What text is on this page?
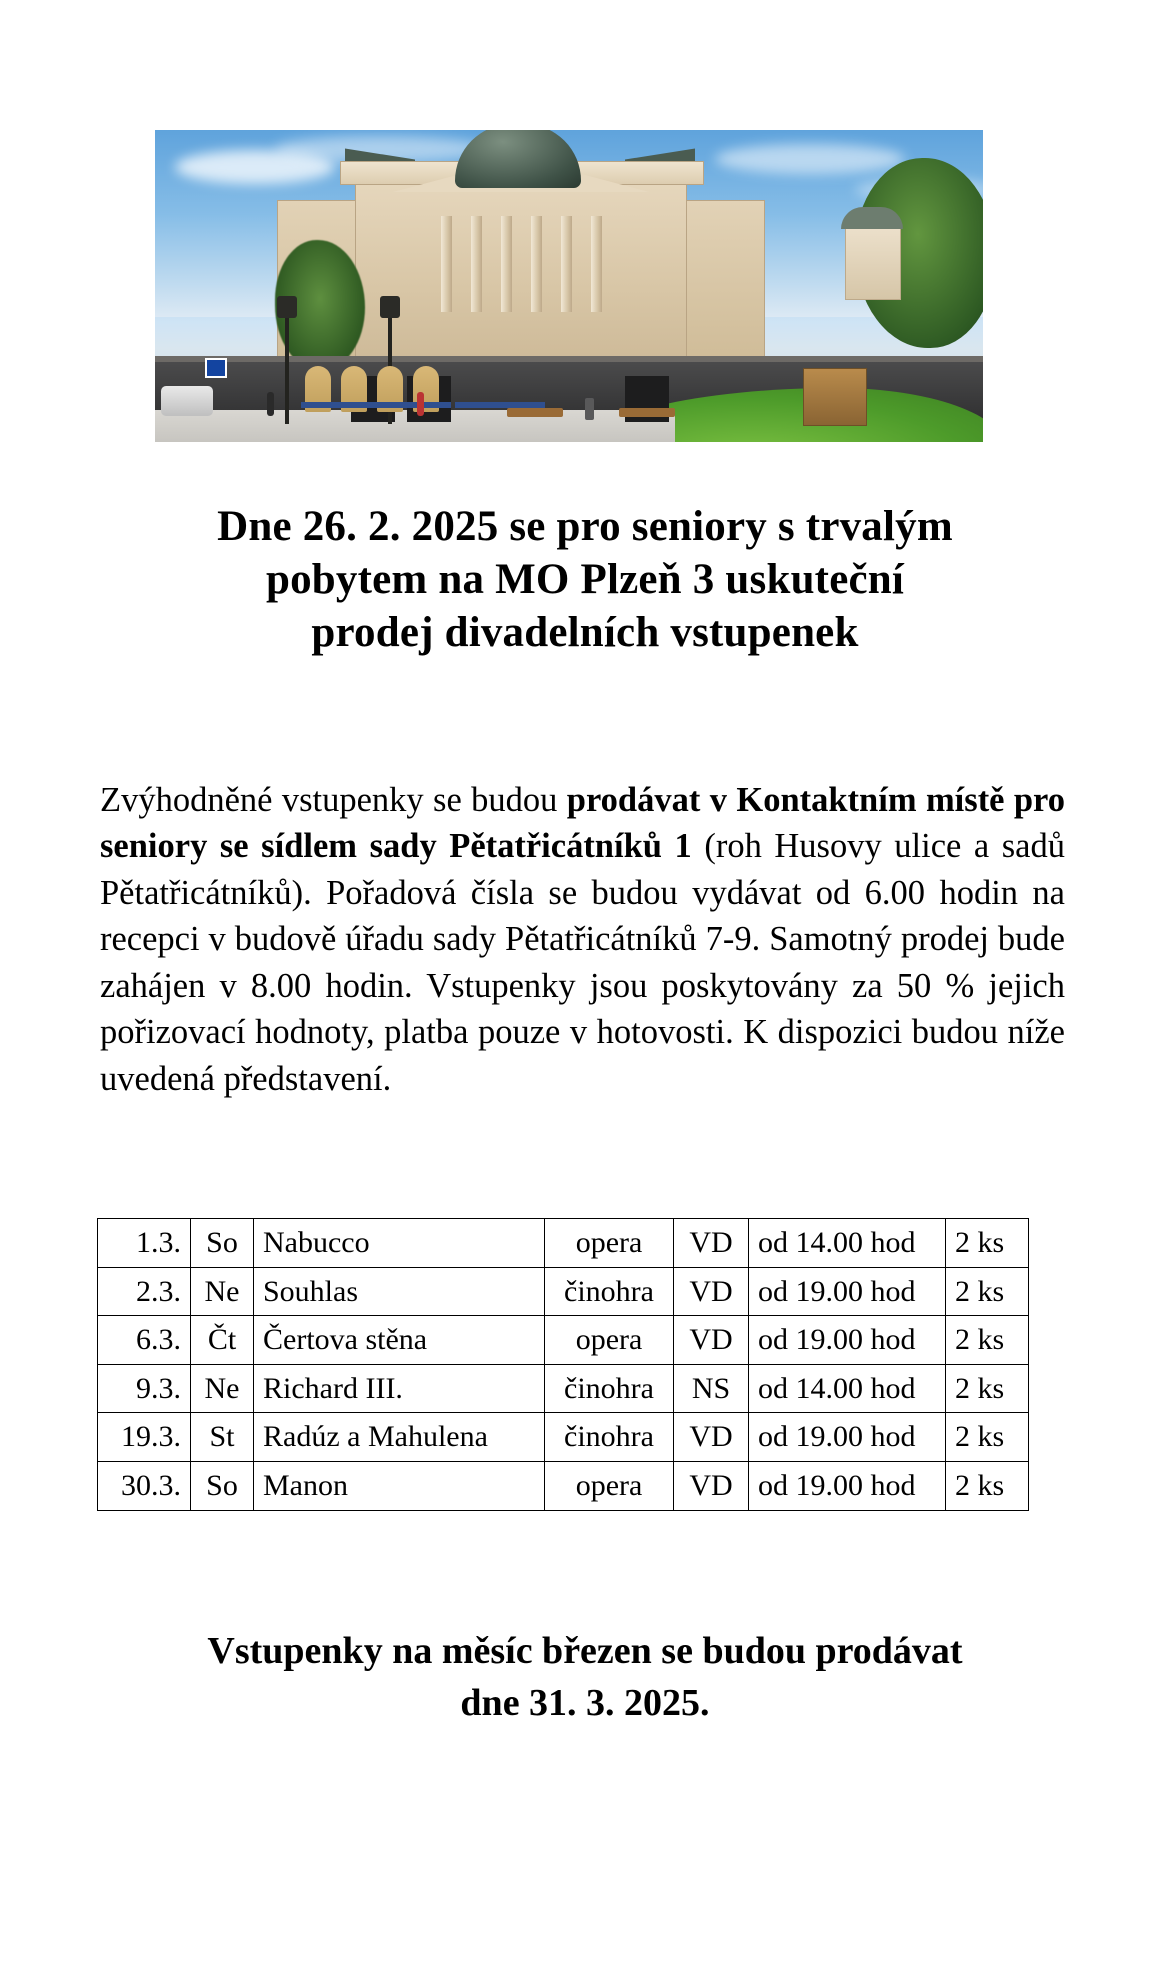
Dne 26. 2. 2025 se pro seniory s trvalým
pobytem na MO Plzeň 3 uskuteční
prodej divadelních vstupenek

Zvýhodněné vstupenky se budou prodávat v Kontaktním místě pro seniory se sídlem sady Pětatřicátníků 1 (roh Husovy ulice a sadů Pětatřicátníků). Pořadová čísla se budou vydávat od 6.00 hodin na recepci v budově úřadu sady Pětatřicátníků 7-9. Samotný prodej bude zahájen v 8.00 hodin. Vstupenky jsou poskytovány za 50 % jejich pořizovací hodnoty, platba pouze v hotovosti. K dispozici budou níže uvedená představení.

1.3.	So	Nabucco	opera	VD	od 14.00 hod	2 ks
2.3.	Ne	Souhlas	činohra	VD	od 19.00 hod	2 ks
6.3.	Čt	Čertova stěna	opera	VD	od 19.00 hod	2 ks
9.3.	Ne	Richard III.	činohra	NS	od 14.00 hod	2 ks
19.3.	St	Radúz a Mahulena	činohra	VD	od 19.00 hod	2 ks
30.3.	So	Manon	opera	VD	od 19.00 hod	2 ks
Vstupenky na měsíc březen se budou prodávat
dne 31. 3. 2025.
